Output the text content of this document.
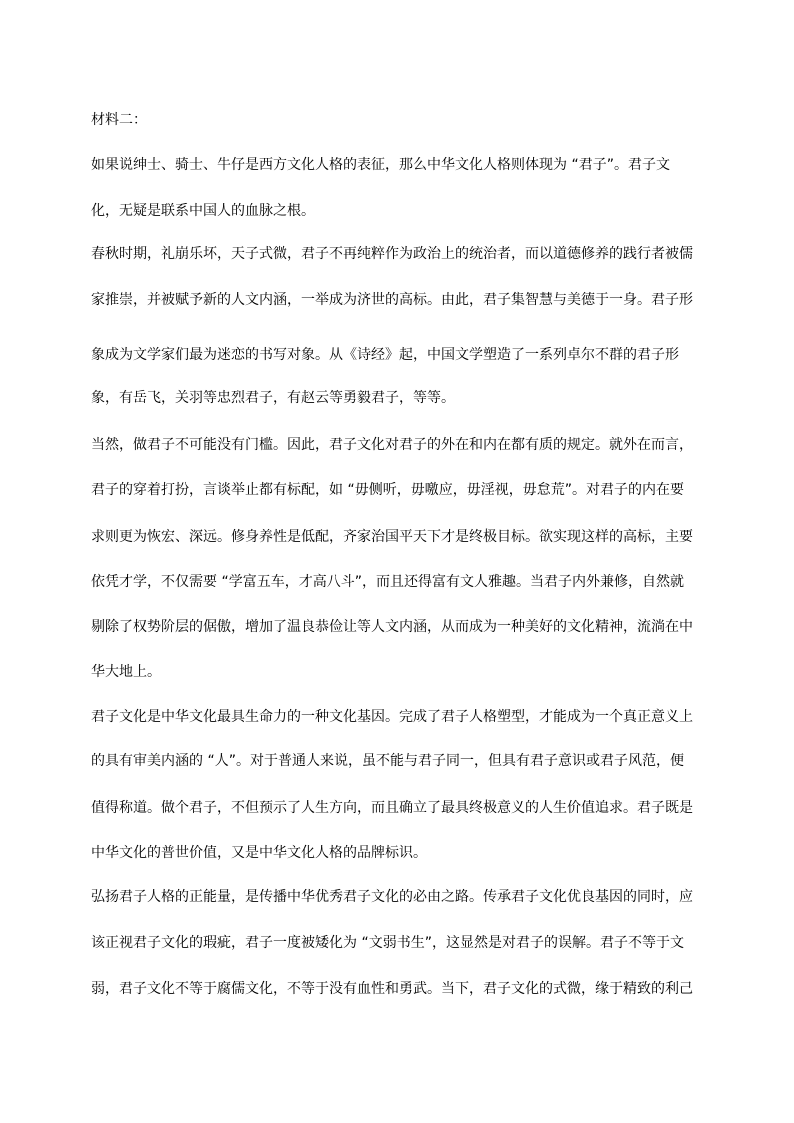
材料二：
如果说绅士、骑士、牛仔是西方文化人格的表征，那么中华文化人格则体现为 “君子”。君子文
化，无疑是联系中国人的血脉之根。
春秋时期，礼崩乐坏，天子式微，君子不再纯粹作为政治上的统治者，而以道德修养的践行者被儒
家推崇，并被赋予新的人文内涵，一举成为济世的高标。由此，君子集智慧与美德于一身。君子形
象成为文学家们最为迷恋的书写对象。从《诗经》起，中国文学塑造了一系列卓尔不群的君子形
象，有岳飞，关羽等忠烈君子，有赵云等勇毅君子，等等。
当然，做君子不可能没有门槛。因此，君子文化对君子的外在和内在都有质的规定。就外在而言，
君子的穿着打扮，言谈举止都有标配，如 “毋侧听，毋噭应，毋淫视，毋怠荒”。对君子的内在要
求则更为恢宏、深远。修身养性是低配，齐家治国平天下才是终极目标。欲实现这样的高标，主要
依凭才学，不仅需要 “学富五车，才高八斗”，而且还得富有文人雅趣。当君子内外兼修，自然就
剔除了权势阶层的倨傲，增加了温良恭俭让等人文内涵，从而成为一种美好的文化精神，流淌在中
华大地上。
君子文化是中华文化最具生命力的一种文化基因。完成了君子人格塑型，才能成为一个真正意义上
的具有审美内涵的 “人”。对于普通人来说，虽不能与君子同一，但具有君子意识或君子风范，便
值得称道。做个君子，不但预示了人生方向，而且确立了最具终极意义的人生价值追求。君子既是
中华文化的普世价值，又是中华文化人格的品牌标识。
弘扬君子人格的正能量，是传播中华优秀君子文化的必由之路。传承君子文化优良基因的同时，应
该正视君子文化的瑕疵，君子一度被矮化为 “文弱书生”，这显然是对君子的误解。君子不等于文
弱，君子文化不等于腐儒文化，不等于没有血性和勇武。当下，君子文化的式微，缘于精致的利己
